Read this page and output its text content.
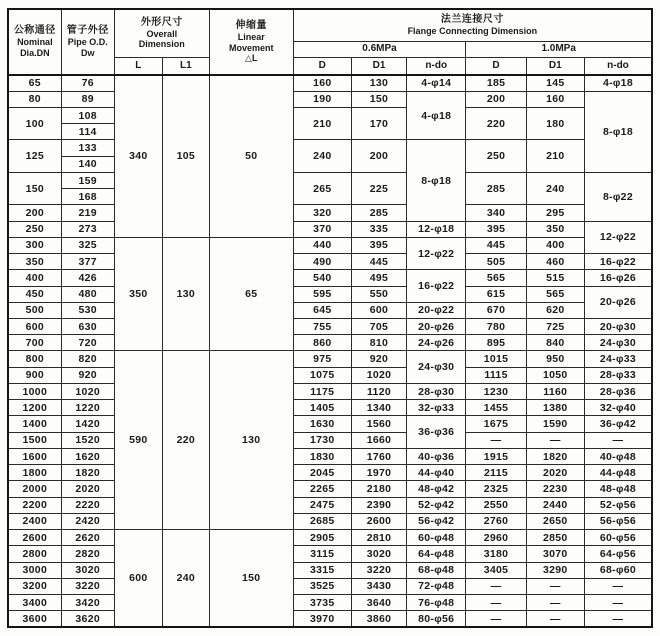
公称通径
Nominal
Dia.DN

管子外径
Pipe O.D.
Dw

外形尺寸
Overall
Dimension

伸缩量
Linear
Movement
△L

法兰连接尺寸
Flange Connecting Dimension

					0.6MPa			1.0MPa		
		L	L1		D	D1	n-do	D	D1	n-do
65	76	340	105	50	160	130	4-φ14	185	145	4-φ18
80	89				190	150	4-φ18	200	160	8-φ18
100	108				210	170		220	180	
	114									
125	133				240	200	8-φ18	250	210	
	140									
150	159				265	225		285	240	8-φ22
	168									
200	219				320	285		340	295	
250	273				370	335	12-φ18	395	350	12-φ22
300	325	350	130	65	440	395	12-φ22	445	400	
350	377				490	445		505	460	16-φ22
400	426				540	495	16-φ22	565	515	16-φ26
450	480				595	550		615	565	20-φ26
500	530				645	600	20-φ22	670	620	
600	630				755	705	20-φ26	780	725	20-φ30
700	720				860	810	24-φ26	895	840	24-φ30
800	820	590	220	130	975	920	24-φ30	1015	950	24-φ33
900	920				1075	1020		1115	1050	28-φ33
1000	1020				1175	1120	28-φ30	1230	1160	28-φ36
1200	1220				1405	1340	32-φ33	1455	1380	32-φ40
1400	1420				1630	1560	36-φ36	1675	1590	36-φ42
1500	1520				1730	1660		—	—	—
1600	1620				1830	1760	40-φ36	1915	1820	40-φ48
1800	1820				2045	1970	44-φ40	2115	2020	44-φ48
2000	2020				2265	2180	48-φ42	2325	2230	48-φ48
2200	2220				2475	2390	52-φ42	2550	2440	52-φ56
2400	2420				2685	2600	56-φ42	2760	2650	56-φ56
2600	2620	600	240	150	2905	2810	60-φ48	2960	2850	60-φ56
2800	2820				3115	3020	64-φ48	3180	3070	64-φ56
3000	3020				3315	3220	68-φ48	3405	3290	68-φ60
3200	3220				3525	3430	72-φ48	—	—	—
3400	3420				3735	3640	76-φ48	—	—	—
3600	3620				3970	3860	80-φ56	—	—	—
